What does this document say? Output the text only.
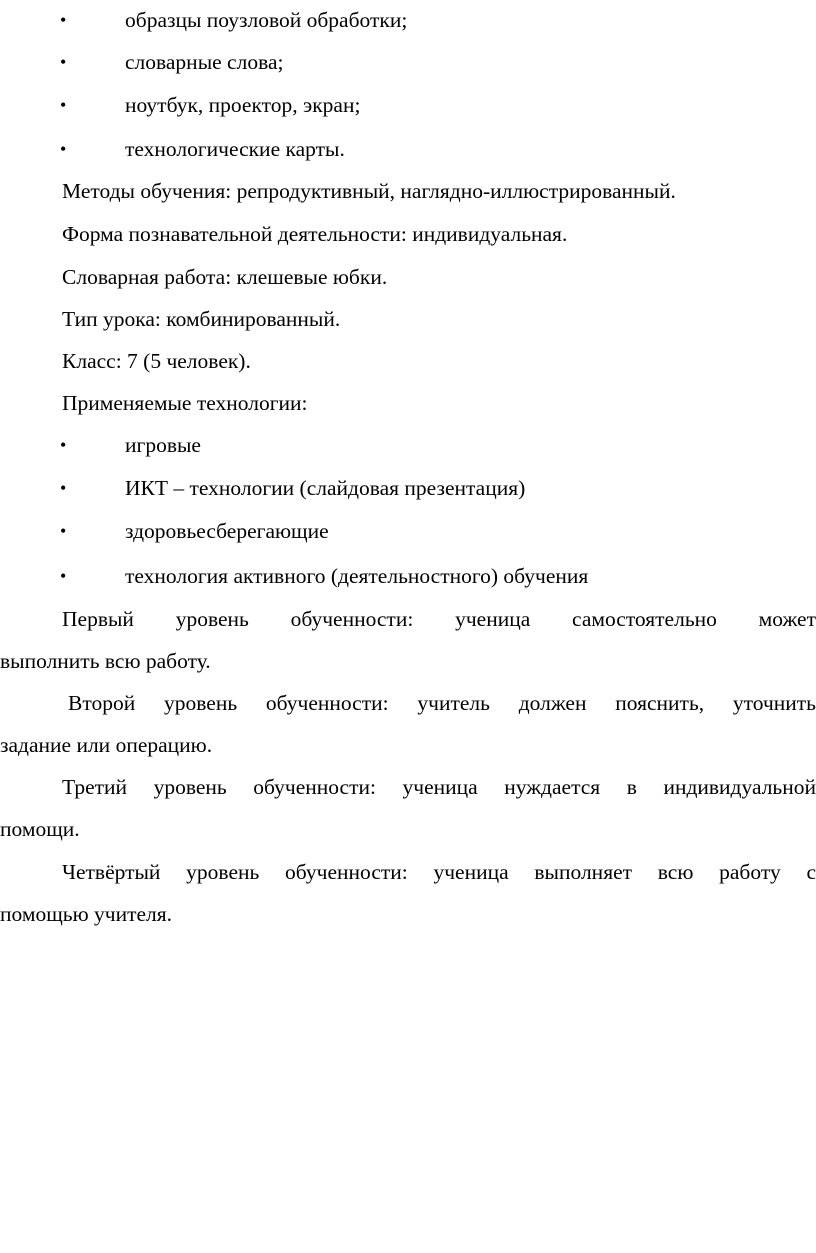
•	образцы поузловой обработки;
•	словарные слова;
•	ноутбук, проектор, экран;
•	технологические карты.
Методы обучения: репродуктивный, наглядно-иллюстрированный.
Форма познавательной деятельности: индивидуальная.
Словарная работа: клешевые юбки.
Тип урока: комбинированный.
Класс: 7 (5 человек).
Применяемые технологии:
•	игровые
•	ИКТ – технологии (слайдовая презентация)
•	здоровьесберегающие
•	технология активного (деятельностного) обучения
Первый уровень обученности: ученица самостоятельно может
выполнить всю работу.
Второй уровень обученности: учитель должен пояснить, уточнить
задание или операцию.
Третий уровень обученности: ученица нуждается в индивидуальной
помощи.
Четвёртый уровень обученности: ученица выполняет всю работу с
помощью учителя.
